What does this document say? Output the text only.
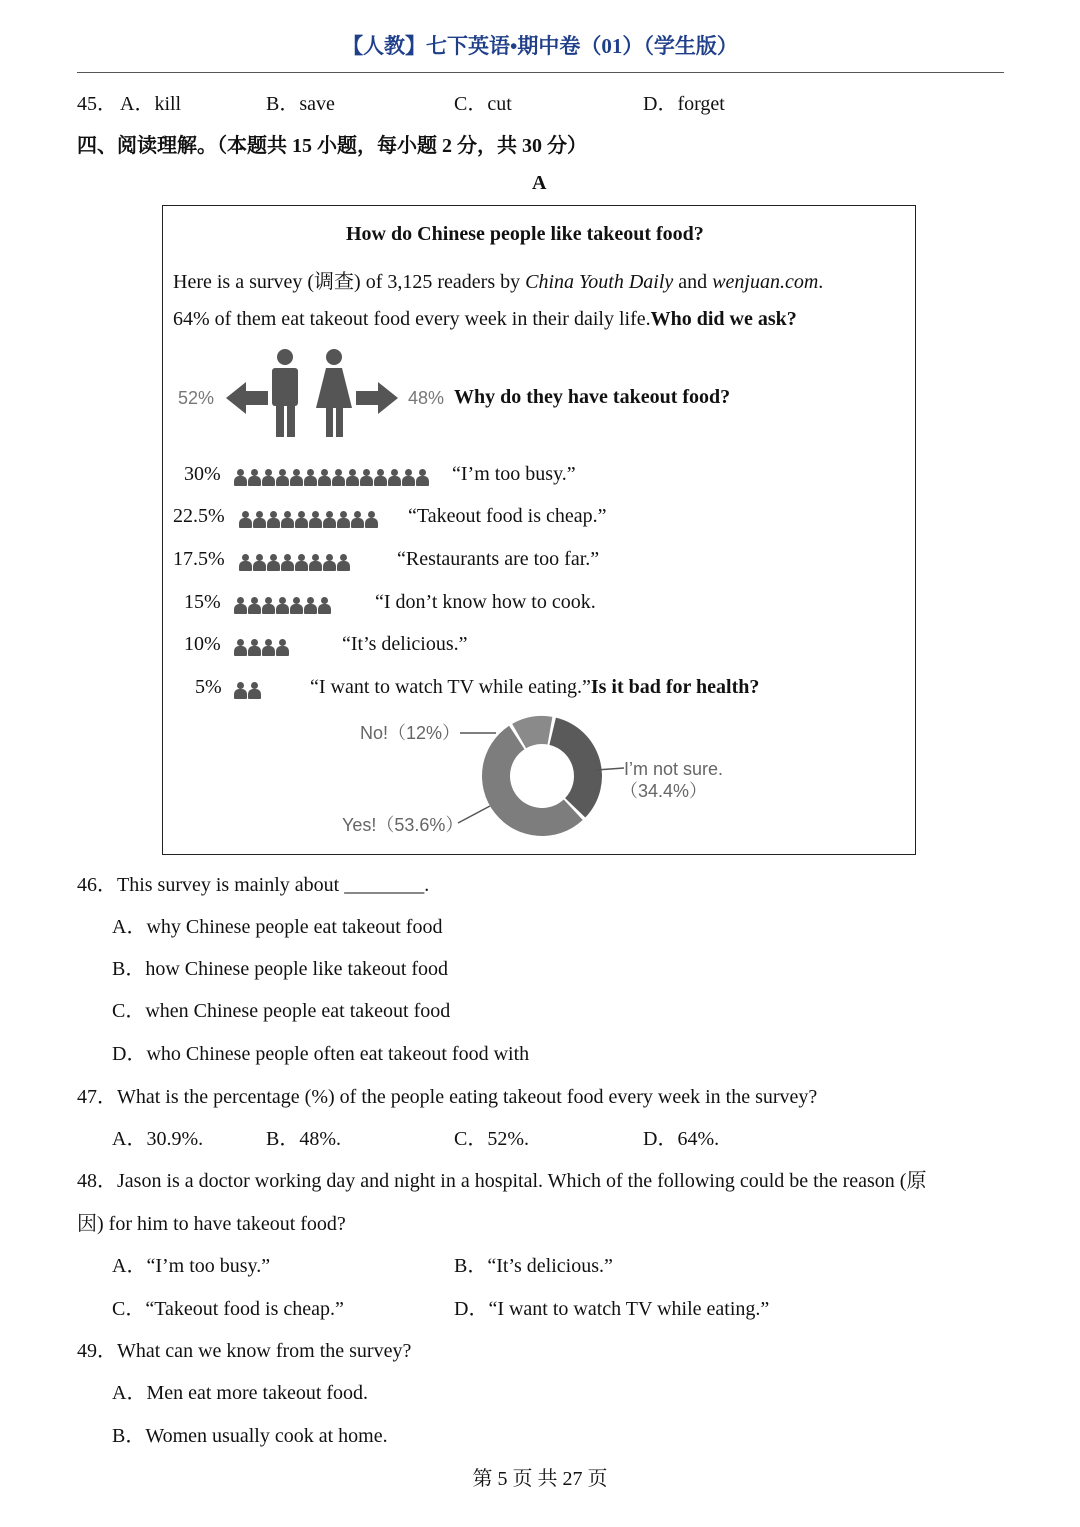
【人教】七下英语•期中卷（01）（学生版）
45． A．kill	B．save	C．cut	D．forget
四、阅读理解。（本题共 15 小题，每小题 2 分，共 30 分）
A
How do Chinese people like takeout food?
Here is a survey (调查) of 3,125 readers by China Youth Daily and wenjuan.com.
64% of them eat takeout food every week in their daily life.Who did we ask?
52%	48% Why do they have takeout food?
30%	“I’m too busy.”
22.5%	“Takeout food is cheap.”
17.5%	“Restaurants are too far.”
15%	“I don’t know how to cook.
10%	“It’s delicious.”
5%	“I want to watch TV while eating.”Is it bad for health?
No!（12%）
I’m not sure.
（34.4%）
Yes!（53.6%）
46．This survey is mainly about ________.
A．why Chinese people eat takeout food
B．how Chinese people like takeout food
C．when Chinese people eat takeout food
D．who Chinese people often eat takeout food with
47．What is the percentage (%) of the people eating takeout food every week in the survey?
A．30.9%.	B．48%.	C．52%.	D．64%.
48．Jason is a doctor working day and night in a hospital. Which of the following could be the reason (原
因) for him to have takeout food?
A．“I’m too busy.”	B．“It’s delicious.”
C．“Takeout food is cheap.”	D．“I want to watch TV while eating.”
49．What can we know from the survey?
A．Men eat more takeout food.
B．Women usually cook at home.
第 5 页 共 27 页
